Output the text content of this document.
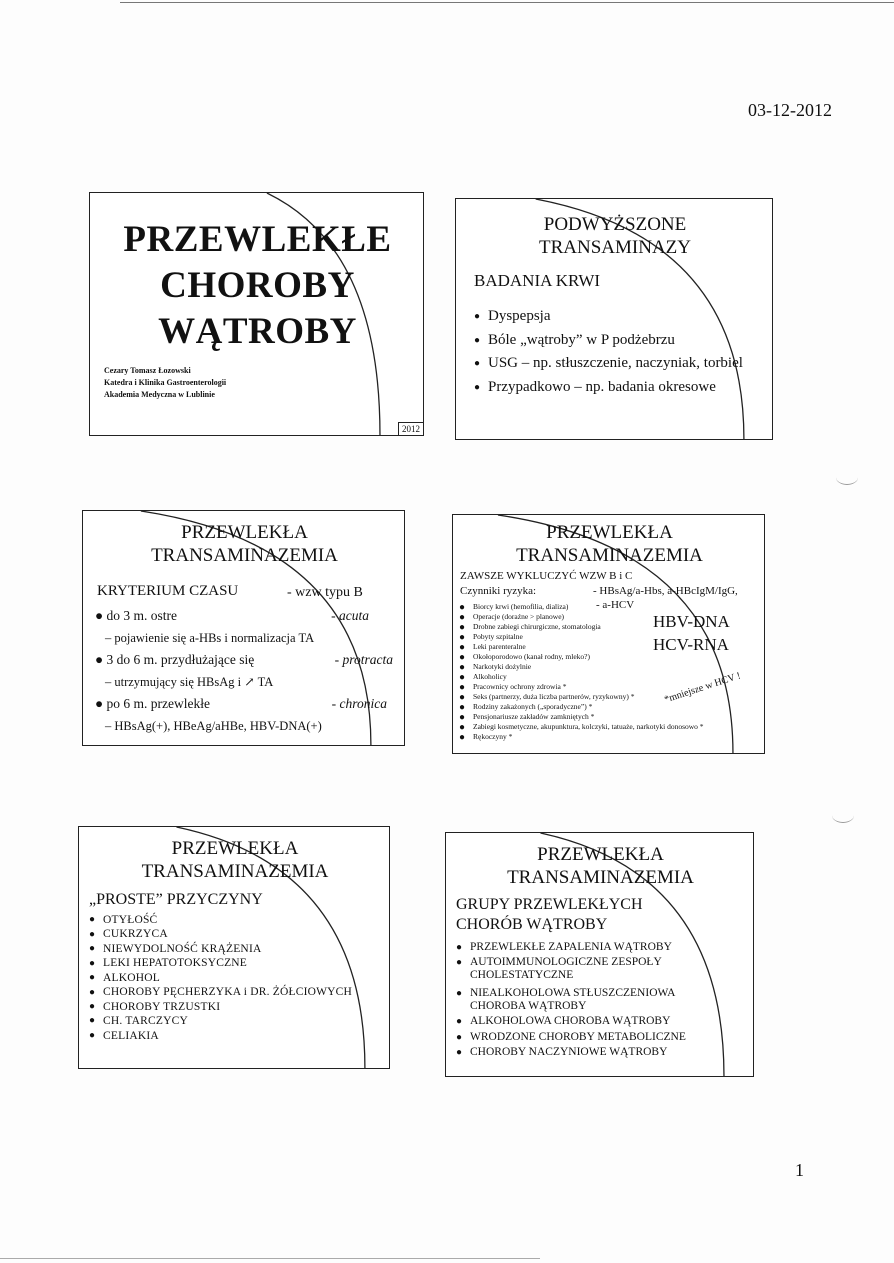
03-12-2012
1
PRZEWLEKŁE
CHOROBY
WĄTROBY
Cezary Tomasz Łozowski
Katedra i Klinika Gastroenterologii
Akademia Medyczna w Lublinie
2012
PODWYŻSZONE
TRANSAMINAZY
BADANIA KRWI
● Dyspepsja
● Bóle „wątroby” w P podżebrzu
● USG – np. stłuszczenie, naczyniak, torbiel
● Przypadkowo – np. badania okresowe
PRZEWLEKŁA
TRANSAMINAZEMIA
KRYTERIUM CZASU	- wzw typu B
● do 3 m. ostre	- acuta
– pojawienie się a-HBs i normalizacja TA
● 3 do 6 m. przydłużające się	- protracta
– utrzymujący się HBsAg i ↗ TA
● po 6 m. przewlekłe	- chronica
– HBsAg(+), HBeAg/aHBe, HBV-DNA(+)
PRZEWLEKŁA
TRANSAMINAZEMIA
ZAWSZE WYKLUCZYĆ WZW B i C
Czynniki ryzyka:	- HBsAg/a-Hbs, a-HBcIgM/IgG,
- a-HCV
HBV-DNA
HCV-RNA
*mniejsze w HCV !
● Biorcy krwi (hemofilia, dializa)
● Operacje (doraźne > planowe)
● Drobne zabiegi chirurgiczne, stomatologia
● Pobyty szpitalne
● Leki parenteralne
● Okołoporodowo (kanał rodny, mleko?)
● Narkotyki dożylnie
● Alkoholicy
● Pracownicy ochrony zdrowia *
● Seks (partnerzy, duża liczba partnerów, ryzykowny) *
● Rodziny zakażonych („sporadyczne”) *
● Pensjonariusze zakładów zamkniętych *
● Zabiegi kosmetyczne, akupunktura, kolczyki, tatuaże, narkotyki donosowo *
● Rękoczyny *
PRZEWLEKŁA
TRANSAMINAZEMIA
„PROSTE” PRZYCZYNY
● OTYŁOŚĆ
● CUKRZYCA
● NIEWYDOLNOŚĆ KRĄŻENIA
● LEKI HEPATOTOKSYCZNE
● ALKOHOL
● CHOROBY PĘCHERZYKA i DR. ŻÓŁCIOWYCH
● CHOROBY TRZUSTKI
● CH. TARCZYCY
● CELIAKIA
PRZEWLEKŁA
TRANSAMINAZEMIA
GRUPY PRZEWLEKŁYCH
CHORÓB WĄTROBY
● PRZEWLEKŁE ZAPALENIA WĄTROBY
● AUTOIMMUNOLOGICZNE ZESPOŁY
CHOLESTATYCZNE
● NIEALKOHOLOWA STŁUSZCZENIOWA
CHOROBA WĄTROBY
● ALKOHOLOWA CHOROBA WĄTROBY
● WRODZONE CHOROBY METABOLICZNE
● CHOROBY NACZYNIOWE WĄTROBY
